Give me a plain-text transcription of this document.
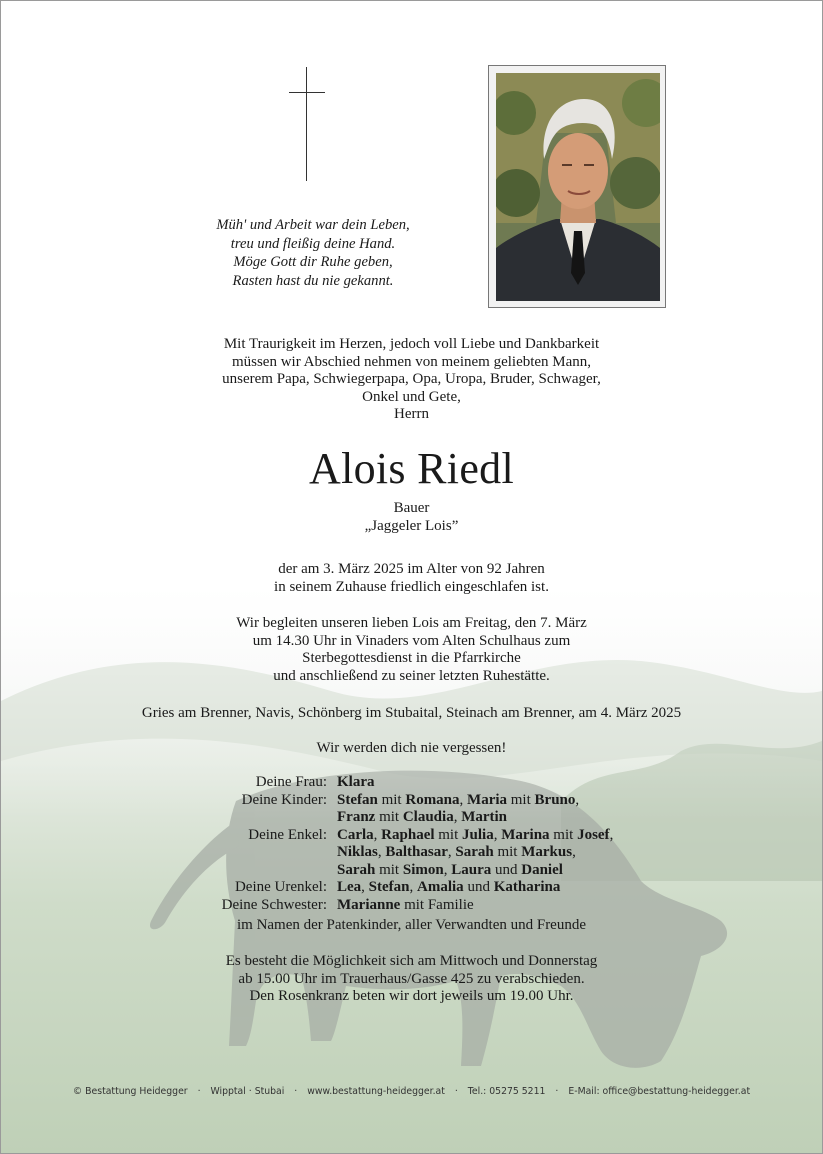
Müh' und Arbeit war dein Leben,
treu und fleißig deine Hand.
Möge Gott dir Ruhe geben,
Rasten hast du nie gekannt.
Mit Traurigkeit im Herzen, jedoch voll Liebe und Dankbarkeit
müssen wir Abschied nehmen von meinem geliebten Mann,
unserem Papa, Schwiegerpapa, Opa, Uropa, Bruder, Schwager,
Onkel und Gete,
Herrn
Alois Riedl
Bauer
„Jaggeler Lois”
der am 3. März 2025 im Alter von 92 Jahren
in seinem Zuhause friedlich eingeschlafen ist.
Wir begleiten unseren lieben Lois am Freitag, den 7. März
um 14.30 Uhr in Vinaders vom Alten Schulhaus zum
Sterbegottesdienst in die Pfarrkirche
und anschließend zu seiner letzten Ruhestätte.
Gries am Brenner, Navis, Schönberg im Stubaital, Steinach am Brenner, am 4. März 2025
Wir werden dich nie vergessen!
Deine Frau: Klara
Deine Kinder: Stefan mit Romana, Maria mit Bruno,
Franz mit Claudia, Martin
Deine Enkel: Carla, Raphael mit Julia, Marina mit Josef,
Niklas, Balthasar, Sarah mit Markus,
Sarah mit Simon, Laura und Daniel
Deine Urenkel: Lea, Stefan, Amalia und Katharina
Deine Schwester: Marianne mit Familie
im Namen der Patenkinder, aller Verwandten und Freunde
Es besteht die Möglichkeit sich am Mittwoch und Donnerstag
ab 15.00 Uhr im Trauerhaus/Gasse 425 zu verabschieden.
Den Rosenkranz beten wir dort jeweils um 19.00 Uhr.
© Bestattung Heidegger · Wipptal · Stubai · www.bestattung-heidegger.at · Tel.: 05275 5211 · E-Mail: office@bestattung-heidegger.at
